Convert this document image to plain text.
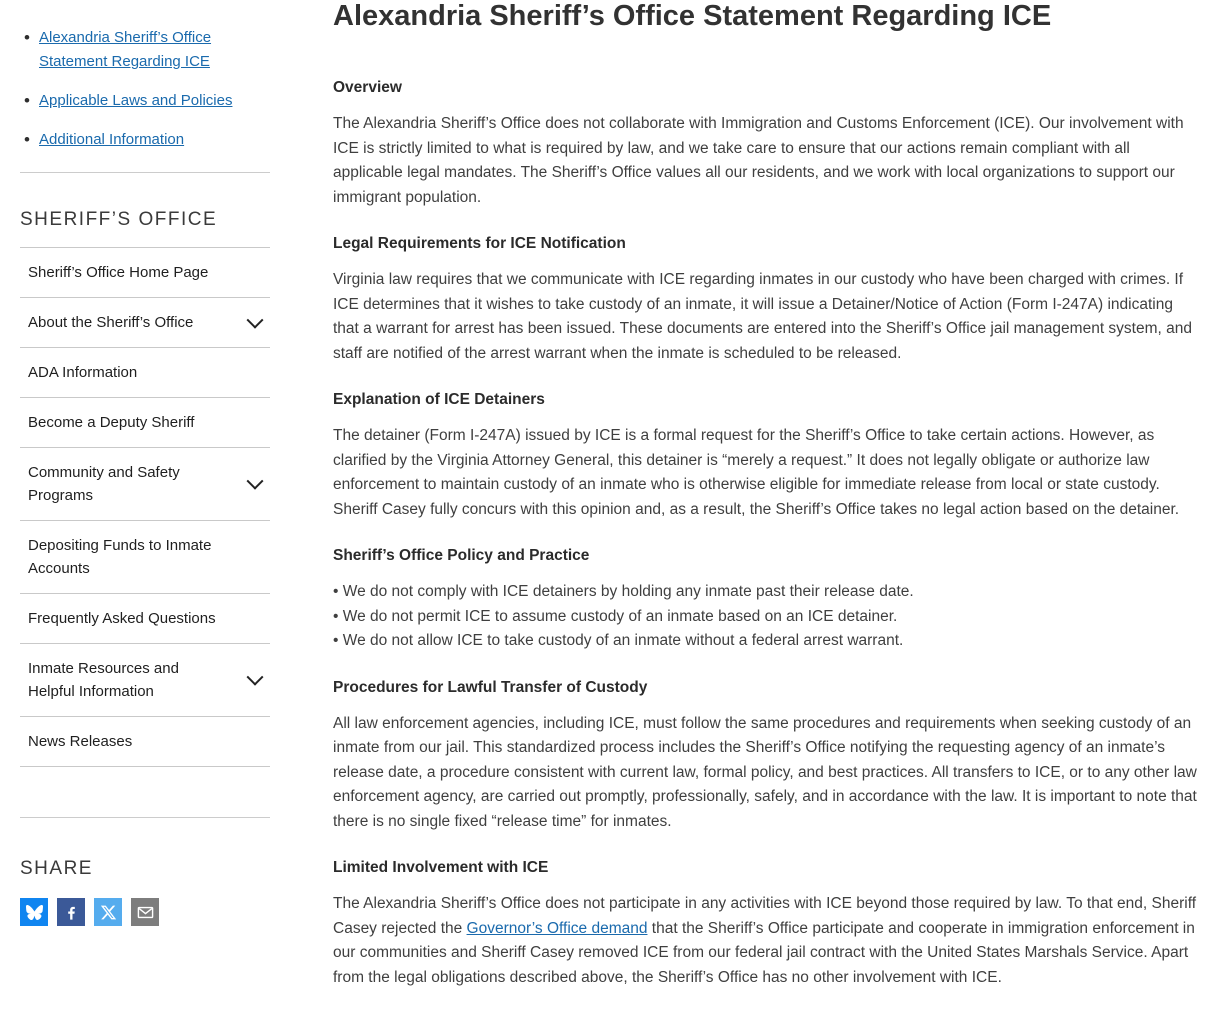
• Alexandria Sheriff’s Office Statement Regarding ICE
• Applicable Laws and Policies
• Additional Information
SHERIFF’S OFFICE
Sheriff’s Office Home Page
About the Sheriff’s Office
ADA Information
Become a Deputy Sheriff
Community and Safety Programs
Depositing Funds to Inmate Accounts
Frequently Asked Questions
Inmate Resources and Helpful Information
News Releases
SHARE
Alexandria Sheriff’s Office Statement Regarding ICE
Overview

The Alexandria Sheriff’s Office does not collaborate with Immigration and Customs Enforcement (ICE). Our involvement with ICE is strictly limited to what is required by law, and we take care to ensure that our actions remain compliant with all applicable legal mandates. The Sheriff’s Office values all our residents, and we work with local organizations to support our immigrant population.

Legal Requirements for ICE Notification

Virginia law requires that we communicate with ICE regarding inmates in our custody who have been charged with crimes. If ICE determines that it wishes to take custody of an inmate, it will issue a Detainer/Notice of Action (Form I-247A) indicating that a warrant for arrest has been issued. These documents are entered into the Sheriff’s Office jail management system, and staff are notified of the arrest warrant when the inmate is scheduled to be released.

Explanation of ICE Detainers

The detainer (Form I-247A) issued by ICE is a formal request for the Sheriff’s Office to take certain actions. However, as clarified by the Virginia Attorney General, this detainer is “merely a request.” It does not legally obligate or authorize law enforcement to maintain custody of an inmate who is otherwise eligible for immediate release from local or state custody. Sheriff Casey fully concurs with this opinion and, as a result, the Sheriff’s Office takes no legal action based on the detainer.

Sheriff’s Office Policy and Practice
• We do not comply with ICE detainers by holding any inmate past their release date.
• We do not permit ICE to assume custody of an inmate based on an ICE detainer.
• We do not allow ICE to take custody of an inmate without a federal arrest warrant.
Procedures for Lawful Transfer of Custody

All law enforcement agencies, including ICE, must follow the same procedures and requirements when seeking custody of an inmate from our jail. This standardized process includes the Sheriff’s Office notifying the requesting agency of an inmate’s release date, a procedure consistent with current law, formal policy, and best practices. All transfers to ICE, or to any other law enforcement agency, are carried out promptly, professionally, safely, and in accordance with the law. It is important to note that there is no single fixed “release time” for inmates.

Limited Involvement with ICE

The Alexandria Sheriff’s Office does not participate in any activities with ICE beyond those required by law. To that end, Sheriff Casey rejected the Governor’s Office demand that the Sheriff’s Office participate and cooperate in immigration enforcement in our communities and Sheriff Casey removed ICE from our federal jail contract with the United States Marshals Service. Apart from the legal obligations described above, the Sheriff’s Office has no other involvement with ICE.
